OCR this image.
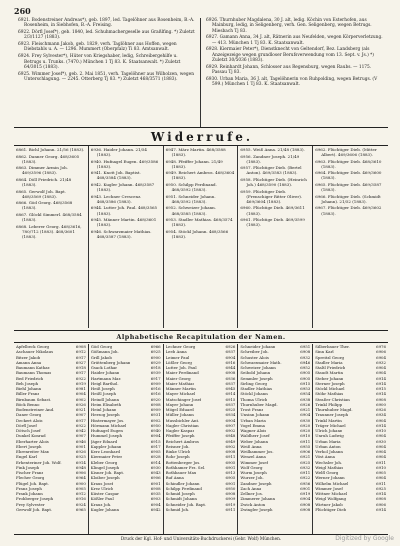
260
6921. Bodenstreiner Andreas*), geb. 1897, led. Tagelöhner aus Rosenheim, B.-A. Rosenheim, in Siebhofen, B.-A. Freising.
6922. Dörfl Josef*), geb. 1840, led. Schuhmachergeselle aus Graßlfing. *) Zuletzt 2/3/1127 (1883).
6923. Fleischmann Jakob, geb. 1829, verh. Taglöhner aus Hoffen, wegen Diebstahls u. A. — 1296. Mummert (Oberpfalz) Ti 83. Amtsanwalt.
6924. Frey Sylvester*), Hüter von Kriegshaber, ledig, Schreibergehilfe u. Betrugs u. Trunks. (7470.) München 1 Tj 83. K. Staatsanwalt. *) Zuletzt 64/3015 (1883).
6925. Wimmer Josef*), geb. 2. Mai 1851, verh. Tagelöhner aus Wilholzen, wegen Unterschlagung. — 2245. Otterberg Tj 83. *) Zuletzt 468/3571 (1883).
6926. Thurnhuber Magdalena, 30 J. alt, ledig. Köchin von Esterhofen, aus Mainburg, ledig, in Seligenberg, verh. Gen. Seligenberg, wegen Betrugs. Miesbach Tj 83.
6927. Gamann Anna, 34 J. alt, Rätnerin aus Neufelden, wegen Körperverletzung. — 413. München 1 Tj 83. K. Staatsanwalt.
6928. Kiermaier Peter*), Dienstknecht von Geltendorf, Bez. Landsberg (als Anzeigezeige wegen grundloser Berufsverwendung vom 13. Sept. v. Js.) *) Zuletzt 30/5036 (1883).
6929. Reinhardt Johann, Schlosser aus Regensburg, wegen Raubs. — 1175. Passau Tj 83.
6930. Urban Maria, 36 J. alt, Tagelöhnerin von Ruhpolding, wegen Betrugs. (V 599.) München 1 Tj 83. K. Staatsanwalt.
Widerrufe.
6861. Bichl Johann. 21/56 (1883).
6862. Danner Georg. 468/3605 (1883).
6863. Dimmer Armin Joh. 469/3596 (1883).
6864. Döll Friedrich. 21/48 (1883).
6865. Gerwolf Joh. Bapt. 468/3569 (1883).
6866. Göd Georg. 468/3568 (1883).
6867. Glöckl Simmerl. 468/3584 (1883).
6868. Leberer Georg. 468/3616, 780/712 (1883). 468/3601 (1883).
6936. Haider Johann. 21/54 (1883).
6940. Hufnagel Eugen. 469/3586 (1883).
6941. Knott Joh. Baptist. 468/3584 (1883).
6942. Kugler Johann. 468/3587 (1883).
6943. Lechner Crescenz. 468/3586 (1883).
6944. Lutter Joh. Paul. 468/3565 (1883).
6945. Männer Martin. 468/3601 (1883).
6946. Schwarzmaier Mathias. 468/3587 (1883).
6947. März Martin. 468/3588 (1883).
6948. Pfeiffer Johann. 21/49 (1883).
6949. Reichert Ambros. 468/3604 (1883).
6950. Schilpp Ferdinand. 468/3592 (1883).
6951. Schneider Johann. 468/3592 (1883).
6952. Schweizer Johann. 468/3585 (1883).
6953. Stadler Mathias. 468/3574 (1883).
6954. Stöckl Johann. 468/3566 (1883).
6955. Weiß Anna. 21/48 (1883).
6956. Zandner Joseph. 21/49 (1883).
6957. Flüchtiger Dieb. (Bertel Anton). 469/3583 (1883).
6958. Flüchtiger Dieb. (Heinrich Joh.) 468/3590 (1883).
6959. Flüchtiger Dieb. (Frenschiger Ritter Oliver). 469/3604 (1883).
6960. Flüchtige Dieb. 469/3611 (1883).
6961. Flüchtige Dieb. 469/3599 (1883).
6962. Flüchtiger Dieb. (Mitter Albert). 469/3606 (1883).
6963. Flüchtiger Dieb. 468/3610 (1883).
6964. Flüchtiger Dieb. 469/3600 (1883).
6965. Flüchtiger Dieb. 469/3587 (1883).
6966. Flüchtiger Dieb. (Schmidt Johann). 21/52 (1883).
6967. Flüchtiger Dieb. 469/3602 (1883).
Alphabetische Recapitulation der Namen.
Apfelbeck Georg	6908
Aschauer Nikolaus	6912
Bitzer Jakob	6917
Amann Anna	6927
Baumann Kathar.	6918
Baumann Thomas	6917
Bed Friedrich	6922
Beh Joseph	6919
Biehl Johann	6981
Biller Franz	6904
Birnbaum Sebast.	6902
Böck Benno	6926
Bodenstreiner And.	6921
Daner Georg	6907
Deckert Alois	6917
Dörfl Josef	6922
Dötsch Josef	6942
Dunkel Konrad	6907
Eberharter Alois	6946
Ebert Joseph	6901
Ehrenreiter Max	6926
Engel Karl	6925
Erhenteriner Joh. Wolf.	6914
Fink Joseph	6948
Fischer Franz	6906
Flecher Georg	6964
Flügel Joh. Bapt.	6900
Franz Joseph	6905
Frank Johann	6912
Frohberger Joseph	6916
Frey Sylvester	6924
Gerwolf Joh. Bapt.	6965
Göd Georg	6966
Gößmann Joh.	6925
Grill Jakob	6900
Grüttenberg Johann	6929
Gsack Lothar	6918
Haider Johann	6939
Hartmann Mar.	6917
Heigl Barthol.	6909
Heiß Joseph	6916
Heißl Joseph	6916
Heindl Johann	6920
Heim Elisabeth	6908
Heinl Johann	6909
Herzog Joseph	6931
Hintermayer Jos.	6902
Hörmann Michael	6950
Hufnagel Eugen	6940
Hummel Joseph	6904
Jäger Eduard	6915
Kappler Johann	6917
Kerz Leonhard	6905
Kiermaier Peter	6928
Kleber Georg	6914
Klingel Joseph	6930
Kisner Joh. Bapt.	6943
Kloiber Joseph	6906
Kraus Josef	6901
Krez Ulrich	6908
Küster Caspar	6935
Kößler Paul	6903
Krauz Joh.	6904
Kugler Johann	6942
Lechner Georg	6926
Leeb Anna	6937
Leimer Paul	6904
Lößler Georg	6916
Lutter Joh. Paul	6944
Maier Ferdinand	6908
Maier Georg	6936
Maier Mathias	6937
Männer Martin	6945
Mayer Michael	6914
Matschinger Josef	6915
Mayer Johann	6937
Mögel Eduard	6925
Müller Johann	6934
Mussbichler Ant.	6904
Nagler Christian	6907
Nagler Kaspar	6902
Pfeiffer Joseph	6948
Reichert Ambros	6949
Reisner Joh.	6902
Rinke Ulrich	6908
Rohr Joseph	6911
Rottenberger Jos.	6905
Rothhamer Frz. Sel.	6901
Rothbauer Max	6913
Ruf Anna	6905
Schindler Johann	6901
Schilpp Ferdinand	6950
Schmid Joseph	6908
Schmidt Johann	6909
Schneider Joh. Bapt.	6919
Schmid Joh.	6911
Schneider Johann	6951
Schreiber Joh.	6908
Schuster Alois	6932
Schwarzmaier Math.	6946
Schweizer Johann	6952
Seibold Johann	6905
Semmler Joseph	6905
Sirling Georg	6915
Stadler Mathias	6953
Stöckl Johann	6954
Thoma Ulrich	6938
Thurnhuber Magd.	6926
Trost Franz	6921
Unsinn Johann	6904
Urban Maria	6930
Vogel Emma	6920
Wagner Alois	6920
Waldherr Josef	6910
Weber Johann	6911
Weiß Anna	6955
Weilhammer Jos.	6906
Wenzel Anna	6921
Wimmer Josef	6925
Wolf Georg	6932
Wurm Joseph	6911
Wurzer Joh.	6922
Zandner Joseph	6956
Zach Anna	6901
Zellner Jos.	6919
Zimmerer Johann	6904
Zwick Anton	6908
Zwingler Joseph	6908
Silberbauer Ther.	6976
Sinn Karl	6906
Spreitzl Georg	6904
Stadler Maria	6932
Staltl Friedrich	6904
Staudt Martin	6904
Steber Johann	6914
Sterner Joseph	6914
Stöckl Michael	6915
Stöhr Mathias	6914
Straßer Christian	6908
Trinkl Philipp	6900
Thurnhuber Magd.	6926
Traunner Joseph	6934
Trinkl Martin	6904
Träger Michael	6914
Ulrich Johann	6910
Unruh Ludwig	6904
Urban Maria	6930
Urban Anton	6904
Verhol Johann	6904
Vöst Anna	6904
Wechsler Joh.	6911
Weigl Mathias	6910
Welfl Georg	6905
Werner Johann	6904
Wilhelm Michael	6911
Wimmer Josef	6925
Wittner Michael	6914
Weigl Wolfgang	6908
Wirtner Jakob	6906
Flüchtiger Dieb	6914
Druck der Kgl. Hof- und Universitäts-Buchdruckerei (Gebr. Wolf) München.	Digitized by Google
